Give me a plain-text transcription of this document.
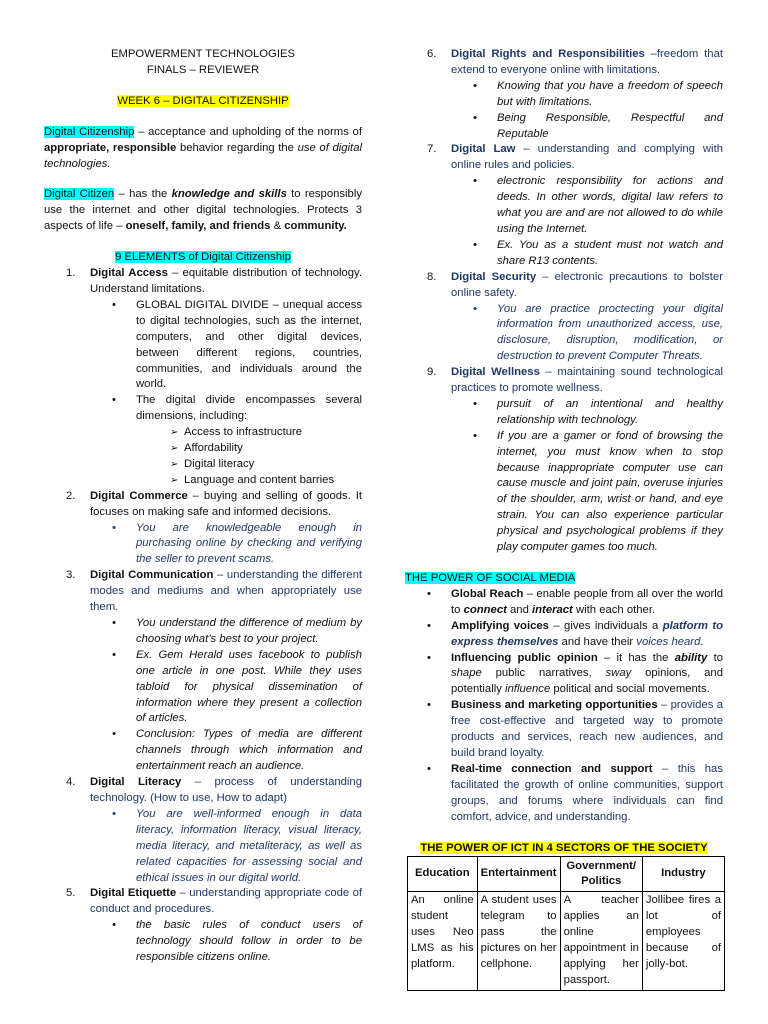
EMPOWERMENT TECHNOLOGIES

FINALS – REVIEWER

WEEK 6 – DIGITAL CITIZENSHIP

Digital Citizenship – acceptance and upholding of the norms of appropriate, responsible behavior regarding the use of digital technologies.

Digital Citizen – has the knowledge and skills to responsibly use the internet and other digital technologies. Protects 3 aspects of life – oneself, family, and friends & community.

9 ELEMENTS of Digital Citizenship

1. Digital Access – equitable distribution of technology. Understand limitations.

• GLOBAL DIGITAL DIVIDE – unequal access to digital technologies, such as the internet, computers, and other digital devices, between different regions, countries, communities, and individuals around the world.

• The digital divide encompasses several dimensions, including:

➢ Access to infrastructure

➢ Affordability

➢ Digital literacy

➢ Language and content barries

2. Digital Commerce – buying and selling of goods. It focuses on making safe and informed decisions.

• You are knowledgeable enough in purchasing online by checking and verifying the seller to prevent scams.

3. Digital Communication – understanding the different modes and mediums and when appropriately use them.

• You understand the difference of medium by choosing what’s best to your project.

• Ex. Gem Herald uses facebook to publish one article in one post. While they uses tabloid for physical dissemination of information where they present a collection of articles.

• Conclusion: Types of media are different channels through which information and entertainment reach an audience.

4. Digital Literacy – process of understanding technology. (How to use, How to adapt)

• You are well-informed enough in data literacy, information literacy, visual literacy, media literacy, and metaliteracy, as well as related capacities for assessing social and ethical issues in our digital world.

5. Digital Etiquette – understanding appropriate code of conduct and procedures.

• the basic rules of conduct users of technology should follow in order to be responsible citizens online.

6. Digital Rights and Responsibilities –freedom that extend to everyone online with limitations.

• Knowing that you have a freedom of speech but with limitations.

• Being Responsible, Respectful and Reputable

7. Digital Law – understanding and complying with online rules and policies.

• electronic responsibility for actions and deeds. In other words, digital law refers to what you are and are not allowed to do while using the Internet.

• Ex. You as a student must not watch and share R13 contents.

8. Digital Security – electronic precautions to bolster online safety.

• You are practice proctecting your digital information from unauthorized access, use, disclosure, disruption, modification, or destruction to prevent Computer Threats.

9. Digital Wellness – maintaining sound technological practices to promote wellness.

• pursuit of an intentional and healthy relationship with technology.

• If you are a gamer or fond of browsing the internet, you must know when to stop because inappropriate computer use can cause muscle and joint pain, overuse injuries of the shoulder, arm, wrist or hand, and eye strain. You can also experience particular physical and psychological problems if they play computer games too much.

THE POWER OF SOCIAL MEDIA

• Global Reach – enable people from all over the world to connect and interact with each other.

• Amplifying voices – gives individuals a platform to express themselves and have their voices heard.

• Influencing public opinion – it has the ability to shape public narratives, sway opinions, and potentially influence political and social movements.

• Business and marketing opportunities – provides a free cost-effective and targeted way to promote products and services, reach new audiences, and build brand loyalty.

• Real-time connection and support – this has facilitated the growth of online communities, support groups, and forums where individuals can find comfort, advice, and understanding.

THE POWER OF ICT IN 4 SECTORS OF THE SOCIETY

Education	Entertainment	Government/ Politics	Industry
An online student uses Neo LMS as his platform.	A student uses telegram to pass the pictures on her cellphone.	A teacher applies an online appointment in applying her passport.	Jollibee fires a lot of employees because of jolly-bot.
